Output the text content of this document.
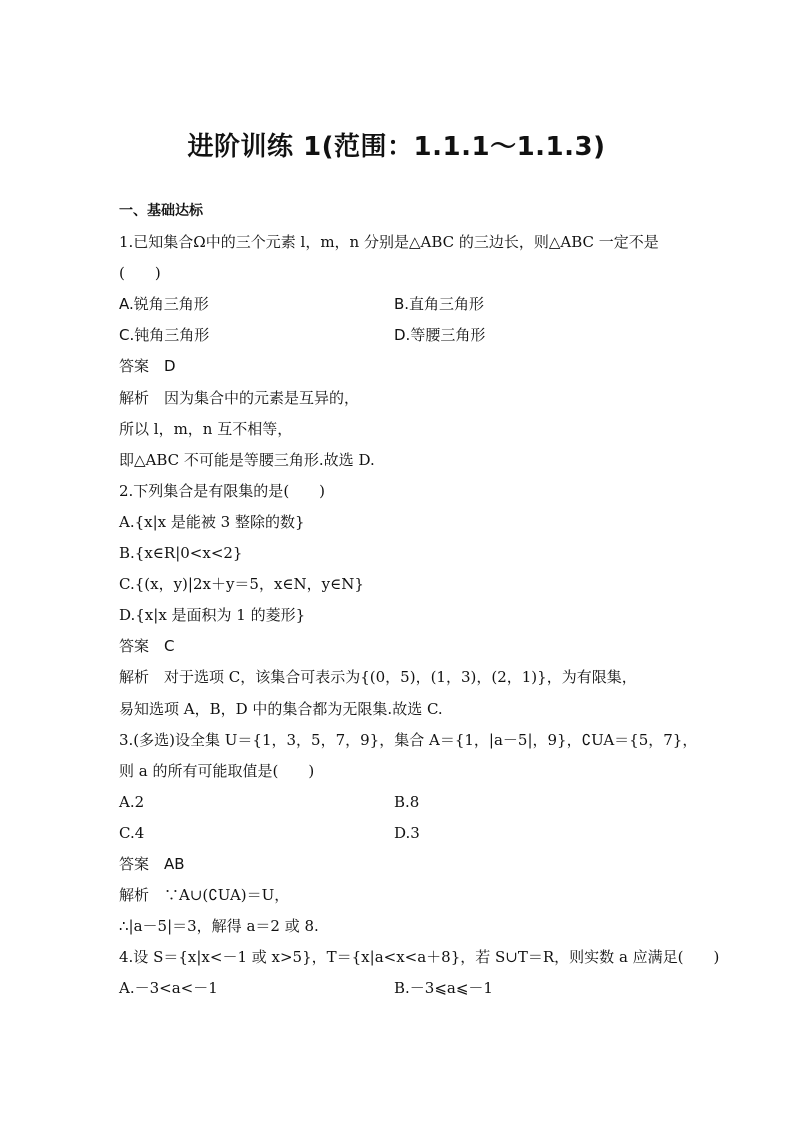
进阶训练 1(范围：1.1.1～1.1.3)
一、基础达标
1.已知集合Ω中的三个元素 l，m，n 分别是△ABC 的三边长，则△ABC 一定不是
(　　)
A.锐角三角形	B.直角三角形
C.钝角三角形	D.等腰三角形
答案　D
解析　因为集合中的元素是互异的，
所以 l，m，n 互不相等，
即△ABC 不可能是等腰三角形.故选 D.
2.下列集合是有限集的是(　　)
A.{x|x 是能被 3 整除的数}
B.{x∈R|0<x<2}
C.{(x，y)|2x＋y＝5，x∈N，y∈N}
D.{x|x 是面积为 1 的菱形}
答案　C
解析　对于选项 C，该集合可表示为{(0，5)，(1，3)，(2，1)}，为有限集，
易知选项 A，B，D 中的集合都为无限集.故选 C.
3.(多选)设全集 U＝{1，3，5，7，9}，集合 A＝{1，|a－5|，9}，∁UA＝{5，7}，
则 a 的所有可能取值是(　　)
A.2	B.8
C.4	D.3
答案　AB
解析　∵A∪(∁UA)＝U，
∴|a－5|＝3，解得 a＝2 或 8.
4.设 S＝{x|x<－1 或 x>5}，T＝{x|a<x<a＋8}，若 S∪T＝R，则实数 a 应满足(　　)
A.－3<a<－1	B.－3⩽a⩽－1
